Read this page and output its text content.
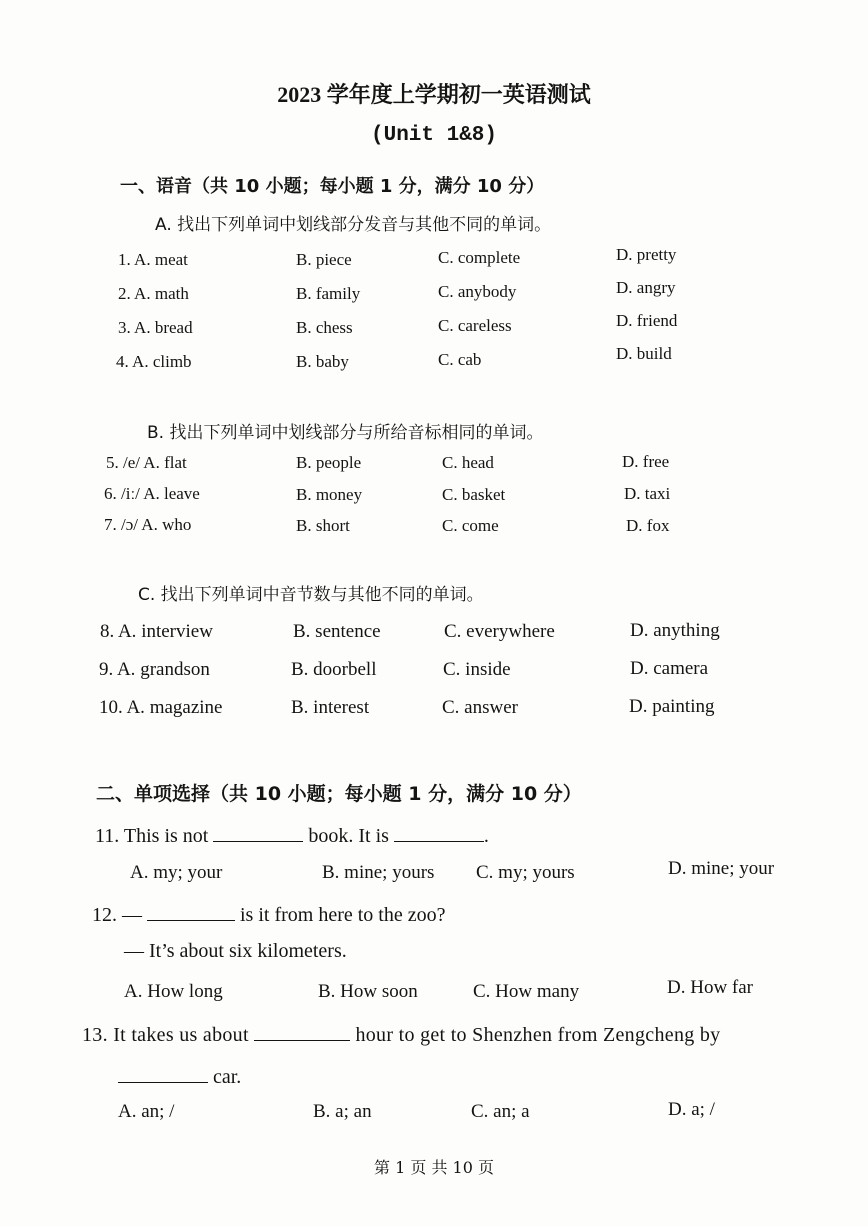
2023 学年度上学期初一英语测试
(Unit 1&8)
一、语音（共 10 小题；每小题 1 分，满分 10 分）
A. 找出下列单词中划线部分发音与其他不同的单词。
1. A. meat	B. piece	C. complete	D. pretty
2. A. math	B. family	C. anybody	D. angry
3. A. bread	B. chess	C. careless	D. friend
4. A. climb	B. baby	C. cab	D. build
B. 找出下列单词中划线部分与所给音标相同的单词。
5. /e/ A. flat	B. people	C. head	D. free
6. /iː/ A. leave	B. money	C. basket	D. taxi
7. /ɔ/ A. who	B. short	C. come	D. fox
C. 找出下列单词中音节数与其他不同的单词。
8. A. interview	B. sentence	C. everywhere	D. anything
9. A. grandson	B. doorbell	C. inside	D. camera
10. A. magazine	B. interest	C. answer	D. painting
二、单项选择（共 10 小题；每小题 1 分，满分 10 分）
11. This is not	book. It is	.
A. my; your	B. mine; yours C. my; yours	D. mine; your
12. —	is it from here to the zoo?
— It’s about six kilometers.
A. How long	B. How soon	C. How many	D. How far
13. It takes us about	hour to get to Shenzhen from Zengcheng by
car.
A. an; /	B. a; an	C. an; a	D. a; /
第 1 页 共 10 页
